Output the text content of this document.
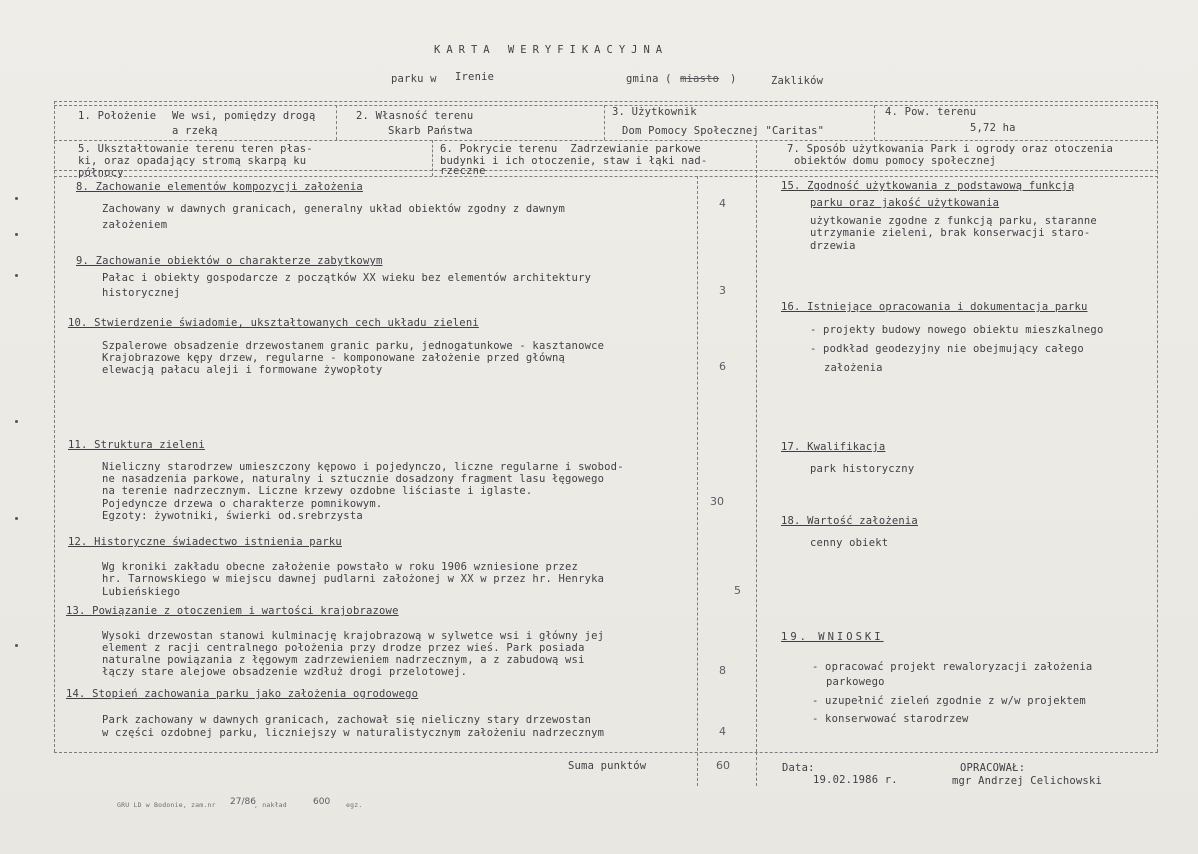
KARTA WERYFIKACYJNA
parku w Irenie	gmina ( miasto )	Zaklików
1. Położenie We wsi, pomiędzy drogą
a rzeką
2. Własność terenu
Skarb Państwa
3. Użytkownik
Dom Pomocy Społecznej "Caritas"
4. Pow. terenu
5,72 ha
5. Ukształtowanie terenu teren płas-
ki, oraz opadający stromą skarpą ku
północy
6. Pokrycie terenu  Zadrzewianie parkowe
budynki i ich otoczenie, staw i łąki nad-
rzeczne
7. Sposób użytkowania Park i ogrody oraz otoczenia
obiektów domu pomocy społecznej
8. Zachowanie elementów kompozycji założenia
Zachowany w dawnych granicach, generalny układ obiektów zgodny z dawnym
założeniem
4
9. Zachowanie obiektów o charakterze zabytkowym
Pałac i obiekty gospodarcze z początków XX wieku bez elementów architektury
historycznej	3
10. Stwierdzenie świadomie, ukształtowanych cech układu zieleni
Szpalerowe obsadzenie drzewostanem granic parku, jednogatunkowe - kasztanowce
Krajobrazowe kępy drzew, regularne - komponowane założenie przed główną
elewacją pałacu aleji i formowane żywopłoty	6
11. Struktura zieleni
Nieliczny starodrzew umieszczony kępowo i pojedynczo, liczne regularne i swobod-
ne nasadzenia parkowe, naturalny i sztucznie dosadzony fragment lasu łęgowego
na terenie nadrzecznym. Liczne krzewy ozdobne liściaste i iglaste.
Pojedyncze drzewa o charakterze pomnikowym.
Egzoty: żywotniki, świerki od.srebrzysta
30
12. Historyczne świadectwo istnienia parku
Wg kroniki zakładu obecne założenie powstało w roku 1906 wzniesione przez
hr. Tarnowskiego w miejscu dawnej pudlarni założonej w XX w przez hr. Henryka
Lubieńskiego	5
13. Powiązanie z otoczeniem i wartości krajobrazowe
Wysoki drzewostan stanowi kulminację krajobrazową w sylwetce wsi i główny jej
element z racji centralnego położenia przy drodze przez wieś. Park posiada
naturalne powiązania z łęgowym zadrzewieniem nadrzecznym, a z zabudową wsi
łączy stare alejowe obsadzenie wzdłuż drogi przelotowej.	8
14. Stopień zachowania parku jako założenia ogrodowego
Park zachowany w dawnych granicach, zachował się nieliczny stary drzewostan
w części ozdobnej parku, liczniejszy w naturalistycznym założeniu nadrzecznym	4
15. Zgodność użytkowania z podstawową funkcją
parku oraz jakość użytkowania
użytkowanie zgodne z funkcją parku, staranne
utrzymanie zieleni, brak konserwacji staro-
drzewia
16. Istniejące opracowania i dokumentacja parku
- projekty budowy nowego obiektu mieszkalnego
- podkład geodezyjny nie obejmujący całego
założenia
17. Kwalifikacja
park historyczny
18. Wartość założenia
cenny obiekt
19. WNIOSKI
- opracować projekt rewaloryzacji założenia
parkowego
- uzupełnić zieleń zgodnie z w/w projektem
- konserwować starodrzew
Suma punktów	60	Data:
19.02.1986 r.
OPRACOWAŁ:
mgr Andrzej Celichowski
GRU LD w Bodonie, zam.nr 27/86
, nakład	600 egz.
